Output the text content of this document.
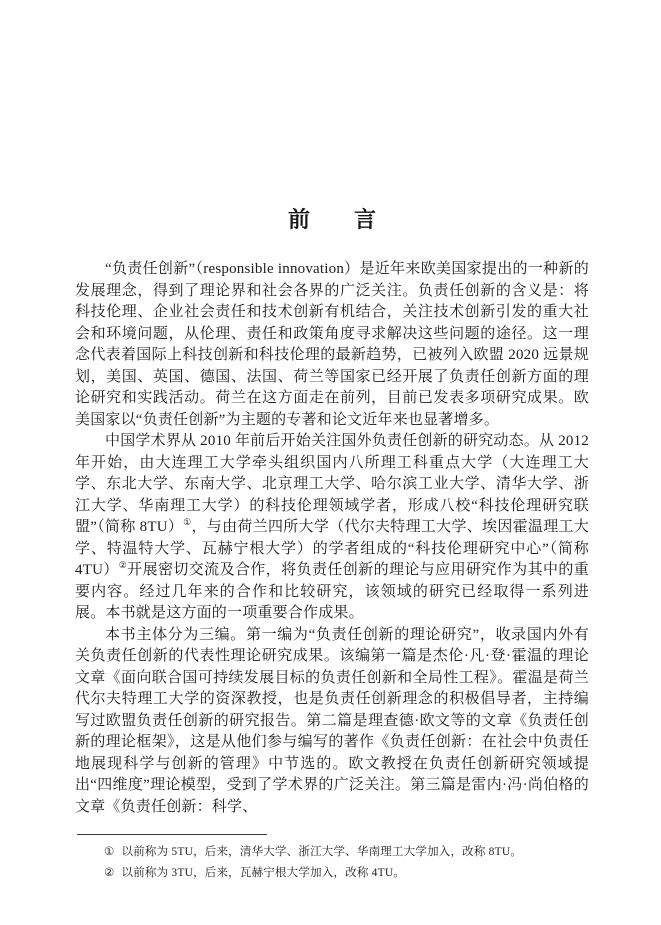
前　　言

“负责任创新”（responsible innovation）是近年来欧美国家提出的一种新的发展理念，得到了理论界和社会各界的广泛关注。负责任创新的含义是：将科技伦理、企业社会责任和技术创新有机结合，关注技术创新引发的重大社会和环境问题，从伦理、责任和政策角度寻求解决这些问题的途径。这一理念代表着国际上科技创新和科技伦理的最新趋势，已被列入欧盟 2020 远景规划，美国、英国、德国、法国、荷兰等国家已经开展了负责任创新方面的理论研究和实践活动。荷兰在这方面走在前列，目前已发表多项研究成果。欧美国家以“负责任创新”为主题的专著和论文近年来也显著增多。

中国学术界从 2010 年前后开始关注国外负责任创新的研究动态。从 2012 年开始，由大连理工大学牵头组织国内八所理工科重点大学（大连理工大学、东北大学、东南大学、北京理工大学、哈尔滨工业大学、清华大学、浙江大学、华南理工大学）的科技伦理领域学者，形成八校“科技伦理研究联盟”（简称 8TU）①，与由荷兰四所大学（代尔夫特理工大学、埃因霍温理工大学、特温特大学、瓦赫宁根大学）的学者组成的“科技伦理研究中心”（简称 4TU）②开展密切交流及合作，将负责任创新的理论与应用研究作为其中的重要内容。经过几年来的合作和比较研究，该领域的研究已经取得一系列进展。本书就是这方面的一项重要合作成果。

本书主体分为三编。第一编为“负责任创新的理论研究”，收录国内外有关负责任创新的代表性理论研究成果。该编第一篇是杰伦·凡·登·霍温的理论文章《面向联合国可持续发展目标的负责任创新和全局性工程》。霍温是荷兰代尔夫特理工大学的资深教授，也是负责任创新理念的积极倡导者，主持编写过欧盟负责任创新的研究报告。第二篇是理查德·欧文等的文章《负责任创新的理论框架》，这是从他们参与编写的著作《负责任创新：在社会中负责任地展现科学与创新的管理》中节选的。欧文教授在负责任创新研究领域提出“四维度”理论模型，受到了学术界的广泛关注。第三篇是雷内·冯·尚伯格的文章《负责任创新：科学、

① 以前称为 5TU，后来，清华大学、浙江大学、华南理工大学加入，改称 8TU。
② 以前称为 3TU，后来，瓦赫宁根大学加入，改称 4TU。
